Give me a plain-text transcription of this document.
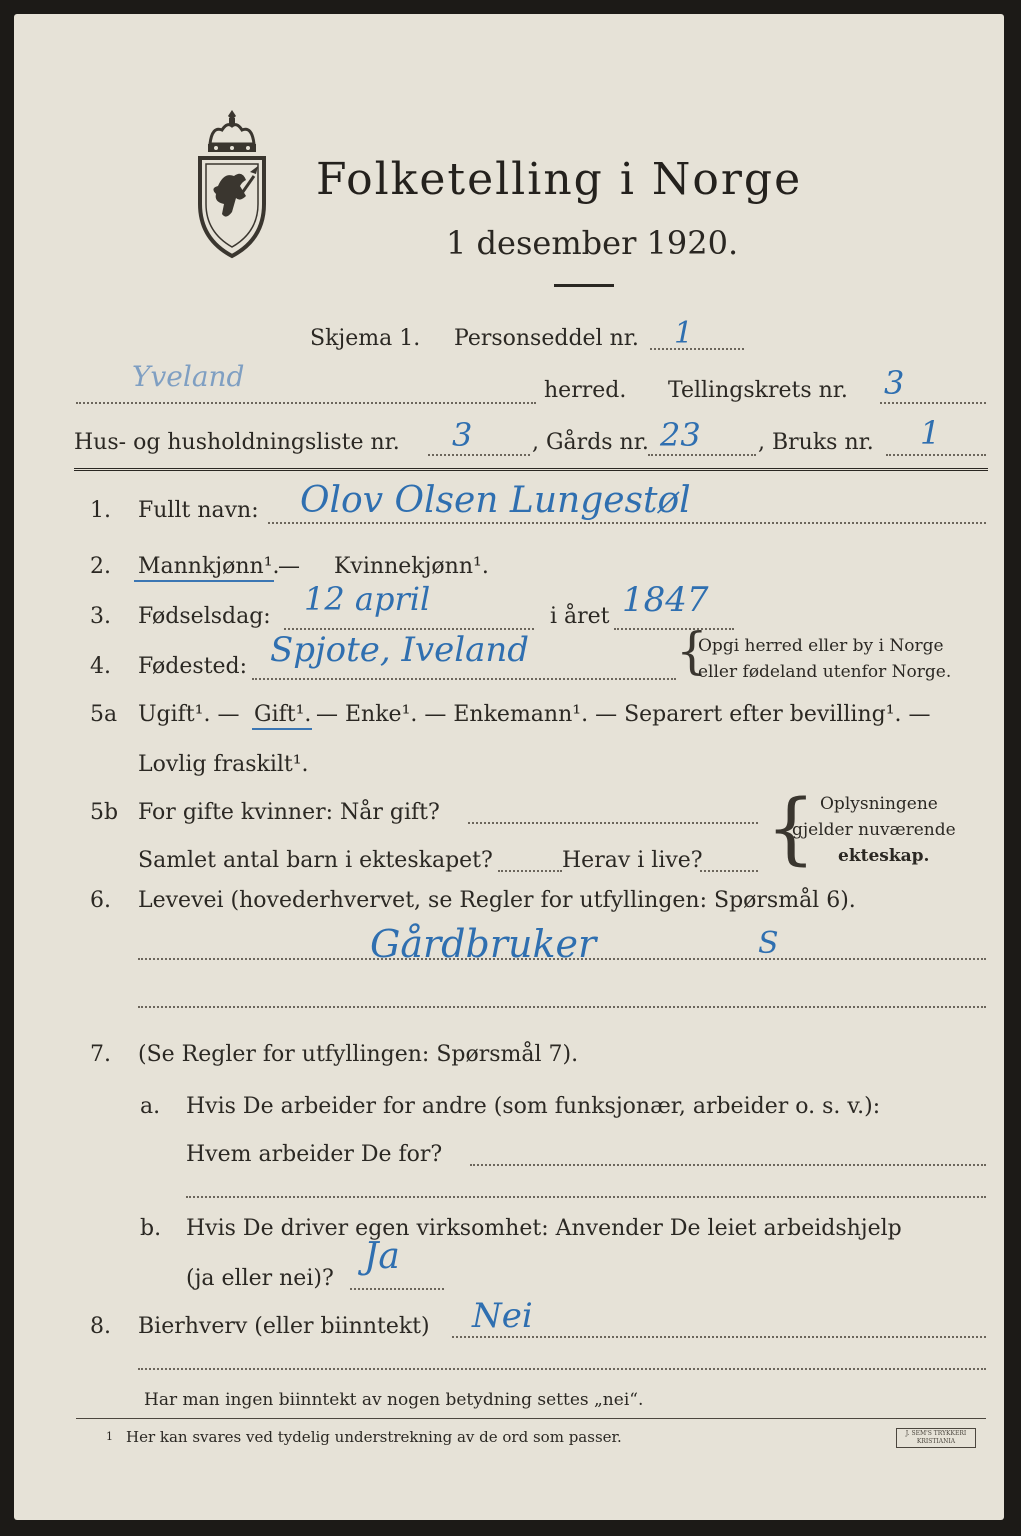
Folketelling i Norge
1 desember 1920.
Skjema 1. Personseddel nr. 1
Yveland	herred. Tellingskrets nr. 3
Hus- og husholdningsliste nr. 3	, Gårds nr. 23	, Bruks nr. 1
1. Fullt navn: Olov Olsen Lungestøl
2. Mannkjønn¹.
— Kvinnekjønn¹.
3. Fødselsdag: 12 april	i året 1847
4. Fødested: Spjote, Iveland	{
Opgi herred eller by i Norge
eller fødeland utenfor Norge.
5a Ugift¹. — Gift¹. — Enke¹. — Enkemann¹. — Separert efter bevilling¹. —
Lovlig fraskilt¹.
5b For gifte kvinner: Når gift?
Samlet antal barn i ekteskapet?	Herav i live? { Oplysningene
gjelder nuværende
ekteskap.
6. Levevei (hovederhvervet, se Regler for utfyllingen: Spørsmål 6).
Gårdbruker	S
7. (Se Regler for utfyllingen: Spørsmål 7).
a. Hvis De arbeider for andre (som funksjonær, arbeider o. s. v.):
Hvem arbeider De for?
b. Hvis De driver egen virksomhet: Anvender De leiet arbeidshjelp
(ja eller nei)?
Ja
8. Bierhverv (eller biinntekt) Nei
Har man ingen biinntekt av nogen betydning settes „nei“.
1 Her kan svares ved tydelig understrekning av de ord som passer.	J. SEM'S TRYKKERI KRISTIANIA
